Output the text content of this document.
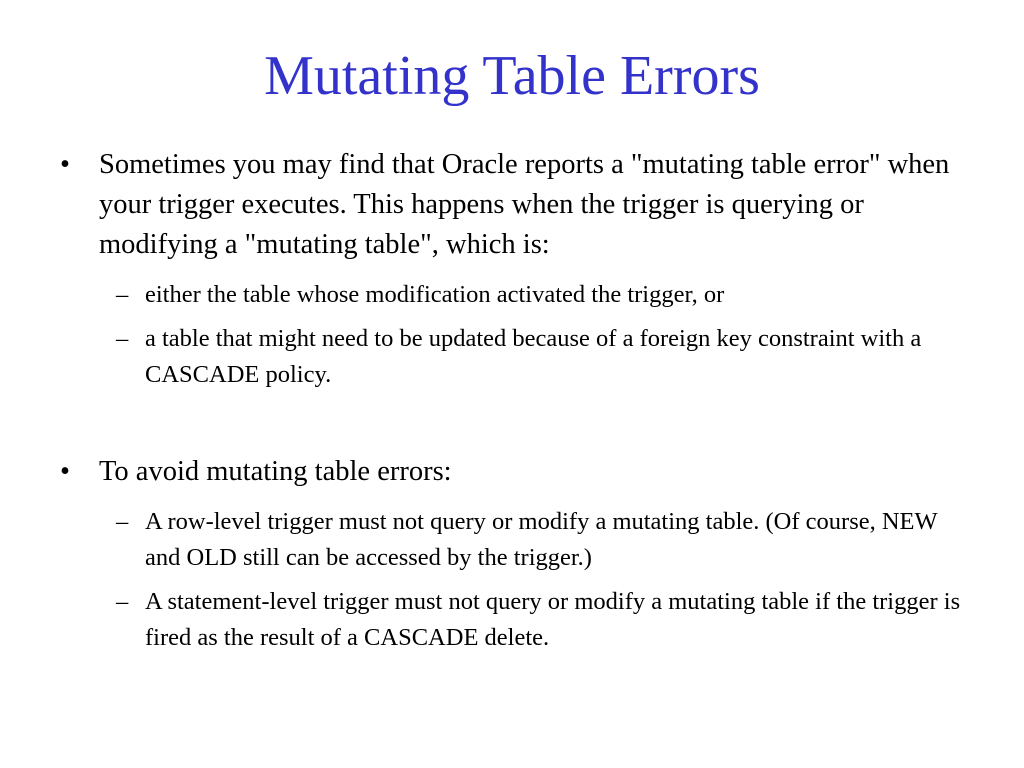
Mutating Table Errors
• Sometimes you may find that Oracle reports a "mutating table error" when your trigger executes. This happens when the trigger is querying or modifying a "mutating table", which is:
– either the table whose modification activated the trigger, or
– a table that might need to be updated because of a foreign key constraint with a CASCADE policy.
• To avoid mutating table errors:
– A row-level trigger must not query or modify a mutating table. (Of course, NEW and OLD still can be accessed by the trigger.)
– A statement-level trigger must not query or modify a mutating table if the trigger is fired as the result of a CASCADE delete.
